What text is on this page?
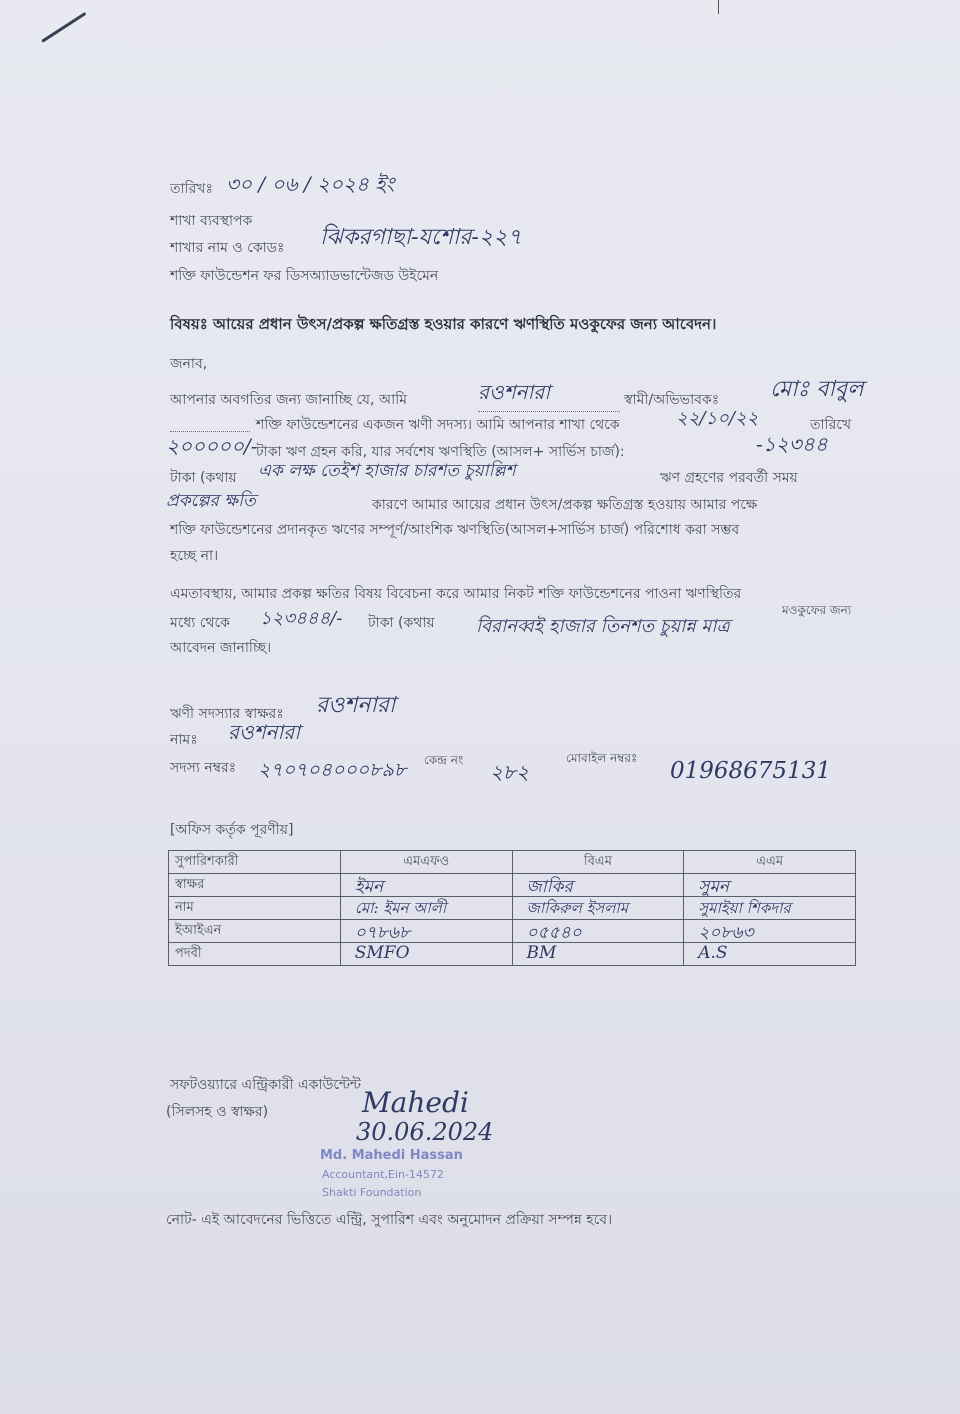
তারিখঃ ৩০ / ০৬ / ২০২৪ ইং
শাখা ব্যবস্থাপক
শাখার নাম ও কোডঃ ঝিকরগাছা-যশোর-২২৭
শক্তি ফাউন্ডেশন ফর ডিসঅ্যাডভান্টেজড উইমেন
বিষয়ঃ আয়ের প্রধান উৎস/প্রকল্প ক্ষতিগ্রস্ত হওয়ার কারণে ঋণস্থিতি মওকুফের জন্য আবেদন।
জনাব,
আপনার অবগতির জন্য জানাচ্ছি যে, আমি	রওশনারা	স্বামী/অভিভাবকঃ মোঃ বাবুল
শক্তি ফাউন্ডেশনের একজন ঋণী সদস্য। আমি আপনার শাখা থেকে	২২/১০/২২	তারিখে
২০০০০০/-
টাকা ঋণ গ্রহন করি, যার সর্বশেষ ঋণস্থিতি (আসল+ সার্ভিস চার্জ):	-১২৩৪৪
টাকা (কথায় এক লক্ষ তেইশ হাজার চারশত চুয়াল্লিশ	ঋণ গ্রহণের পরবর্তী সময়
প্রকল্পের ক্ষতি	কারণে আমার আয়ের প্রধান উৎস/প্রকল্প ক্ষতিগ্রস্ত হওয়ায় আমার পক্ষে
শক্তি ফাউন্ডেশনের প্রদানকৃত ঋণের সম্পূর্ণ/আংশিক ঋণস্থিতি(আসল+সার্ভিস চার্জ) পরিশোধ করা সম্ভব
হচ্ছে না।
এমতাবস্থায়, আমার প্রকল্প ক্ষতির বিষয় বিবেচনা করে আমার নিকট শক্তি ফাউন্ডেশনের পাওনা ঋণস্থিতির
মধ্যে থেকে ১২৩৪৪৪/- টাকা (কথায় বিরানব্বই হাজার তিনশত চুয়ান্ন মাত্র
মওকুফের জন্য
আবেদন জানাচ্ছি।
ঋণী সদস্যার স্বাক্ষরঃ রওশনারা
নামঃ রওশনারা
সদস্য নম্বরঃ ২৭০৭০৪০০০৮৯৮ কেন্দ্র নং ২৮২
মোবাইল নম্বরঃ 01968675131
[অফিস কর্তৃক পূরণীয়]
সুপারিশকারী	এমএফও	বিএম	এএম
স্বাক্ষর	ইমন	জাকির	সুমন

নাম	মো: ইমন আলী	জাকিরুল ইসলাম	সুমাইয়া শিকদার

ইআইএন	০৭৮৬৮	০৫৫৪০	২০৮৬৩

পদবী	SMFO	BM	A.S
সফটওয়্যারে এন্ট্রিকারী একাউন্টেন্ট
(সিলসহ ও স্বাক্ষর)	Mahedi
30.06.2024
Md. Mahedi Hassan
Accountant,Ein-14572
Shakti Foundation
নোট- এই আবেদনের ভিত্তিতে এন্ট্রি, সুপারিশ এবং অনুমোদন প্রক্রিয়া সম্পন্ন হবে।
